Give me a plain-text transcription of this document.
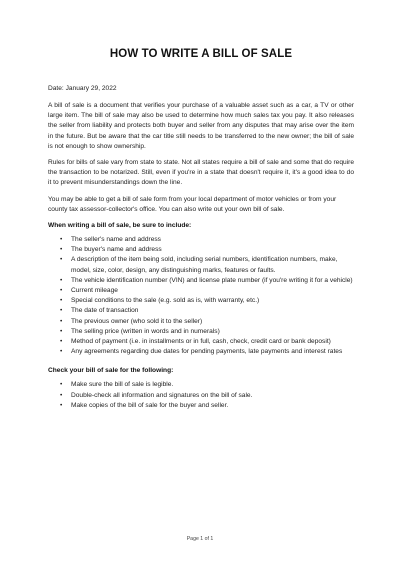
HOW TO WRITE A BILL OF SALE
Date: January 29, 2022

A bill of sale is a document that verifies your purchase of a valuable asset such as a car, a TV or other large item. The bill of sale may also be used to determine how much sales tax you pay. It also releases the seller from liability and protects both buyer and seller from any disputes that may arise over the item in the future. But be aware that the car title still needs to be transferred to the new owner; the bill of sale is not enough to show ownership.

Rules for bills of sale vary from state to state. Not all states require a bill of sale and some that do require the transaction to be notarized. Still, even if you're in a state that doesn't require it, it's a good idea to do it to prevent misunderstandings down the line.

You may be able to get a bill of sale form from your local department of motor vehicles or from your county tax assessor-collector's office. You can also write out your own bill of sale.

When writing a bill of sale, be sure to include:
• The seller's name and address
• The buyer's name and address
• A description of the item being sold, including serial numbers, identification numbers, make, model, size, color, design, any distinguishing marks, features or faults.
• The vehicle identification number (VIN) and license plate number (if you're writing it for a vehicle)
• Current mileage
• Special conditions to the sale (e.g. sold as is, with warranty, etc.)
• The date of transaction
• The previous owner (who sold it to the seller)
• The selling price (written in words and in numerals)
• Method of payment (i.e. in installments or in full, cash, check, credit card or bank deposit)
• Any agreements regarding due dates for pending payments, late payments and interest rates
Check your bill of sale for the following:
• Make sure the bill of sale is legible.
• Double-check all information and signatures on the bill of sale.
• Make copies of the bill of sale for the buyer and seller.
Page 1 of 1
